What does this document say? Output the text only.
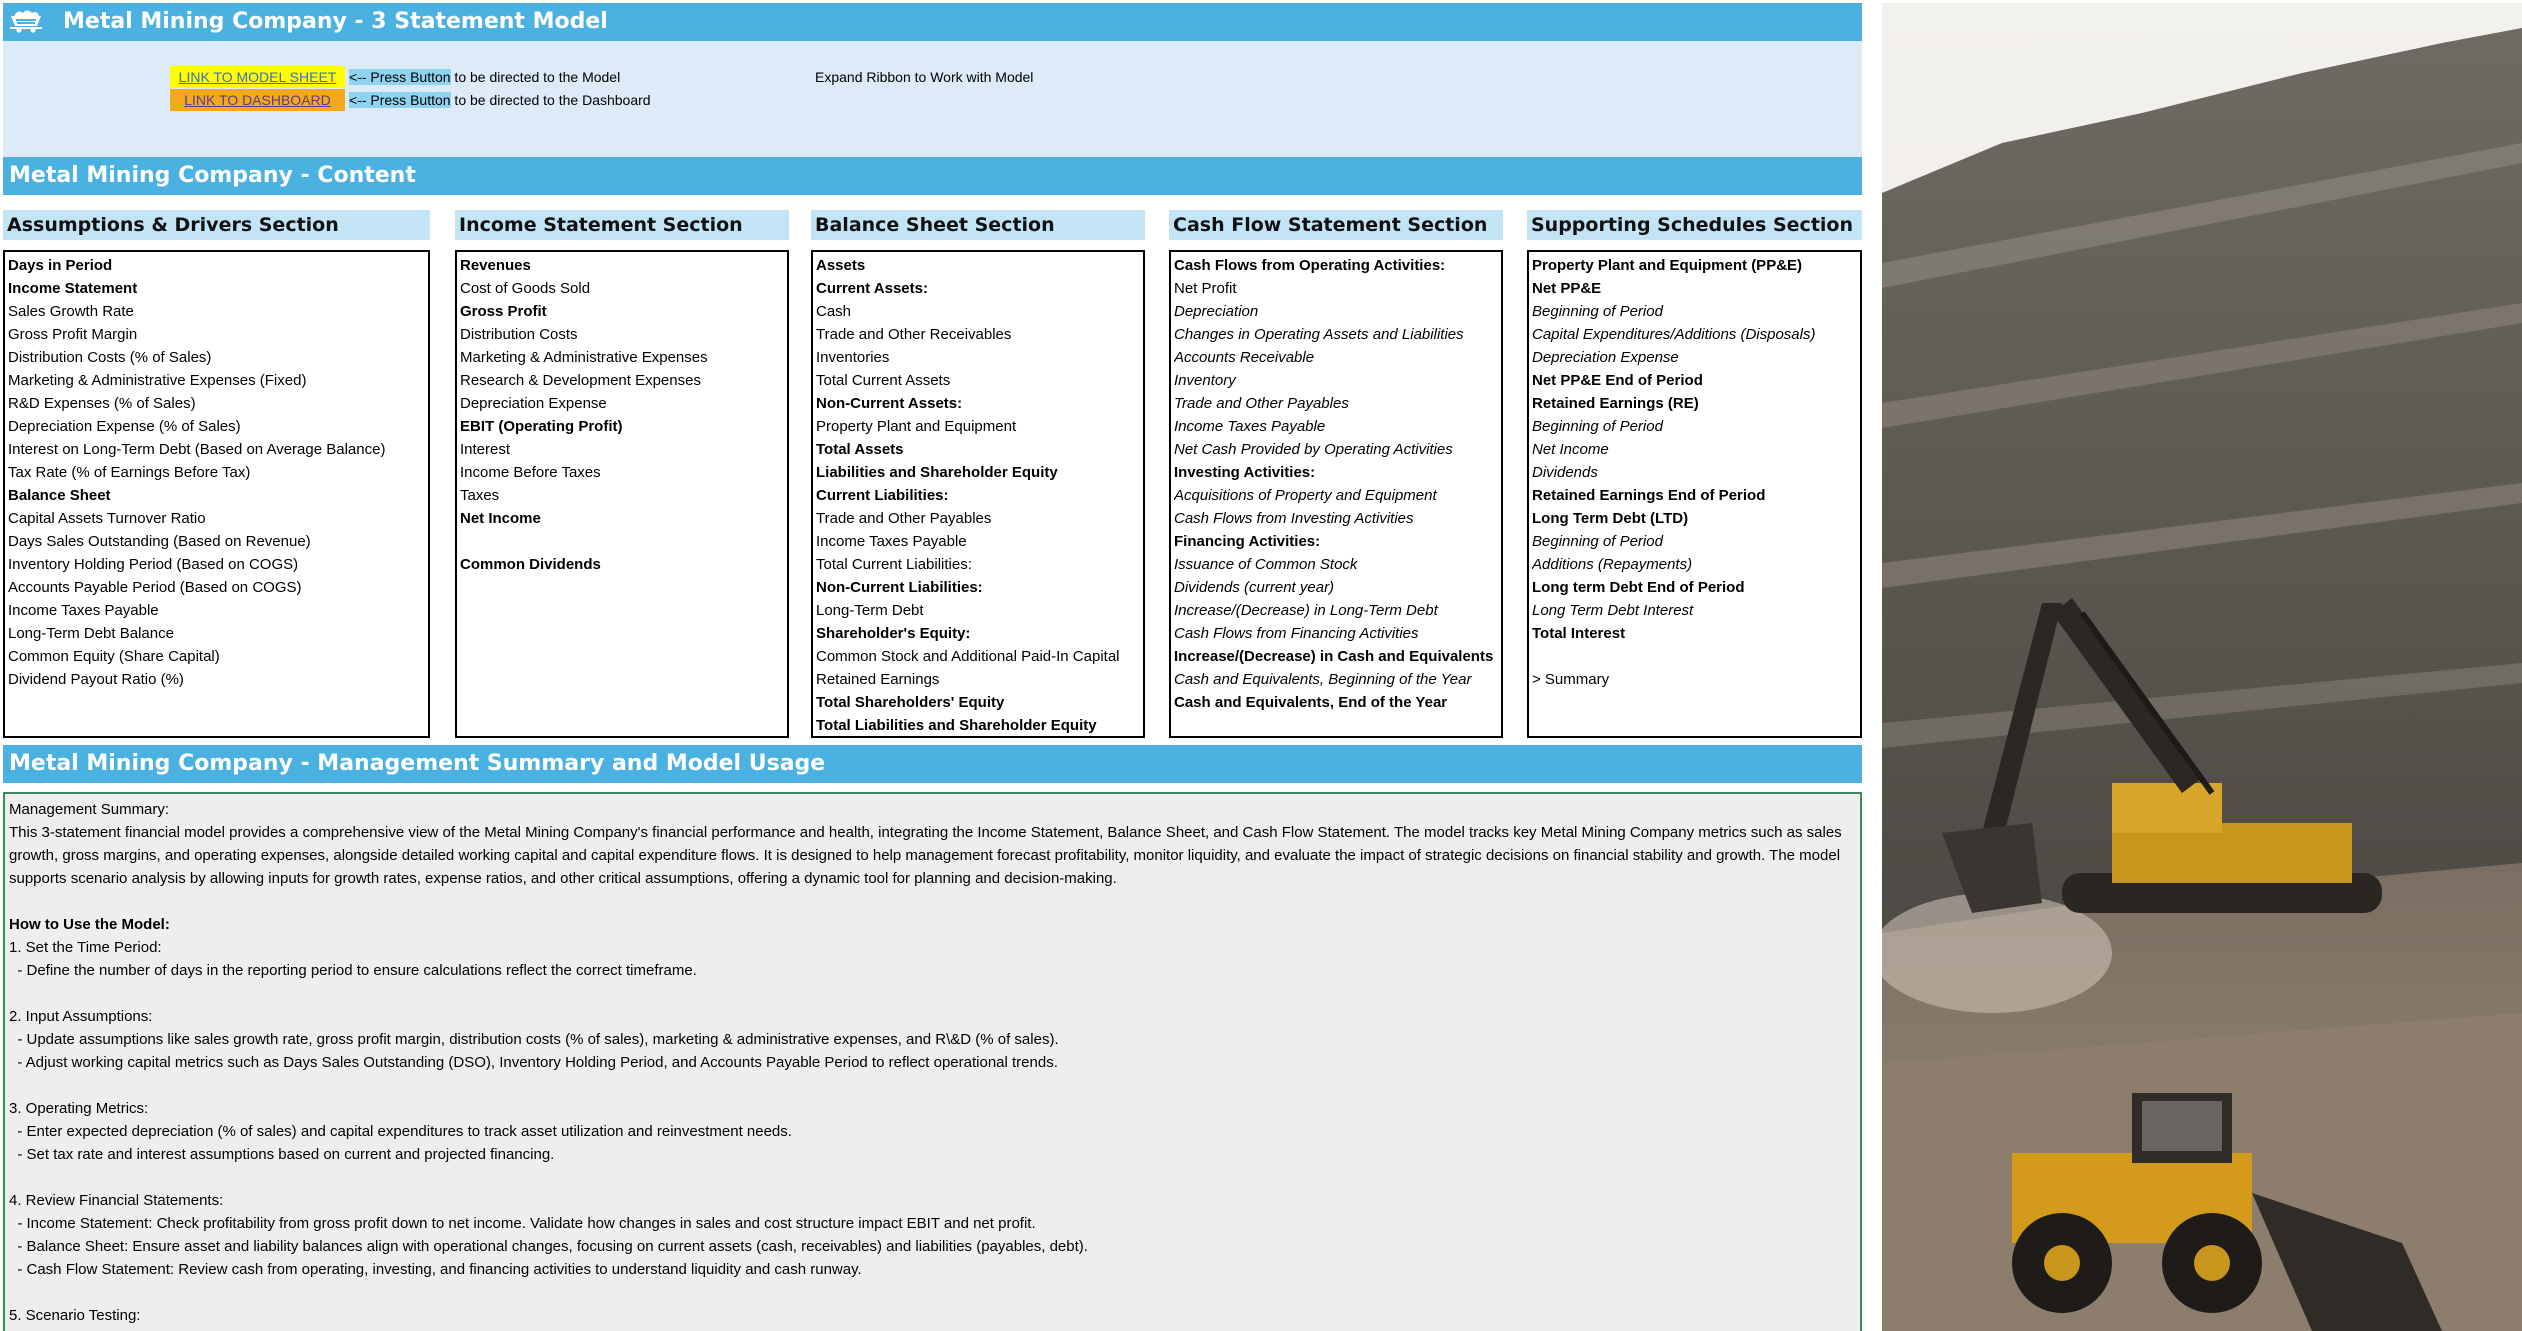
Metal Mining Company - 3 Statement Model
LINK TO MODEL SHEET <-- Press Button to be directed to the Model
LINK TO DASHBOARD	<-- Press Button to be directed to the Dashboard
Expand Ribbon to Work with Model
Metal Mining Company - Content
Assumptions & Drivers Section	Income Statement Section	Balance Sheet Section	Cash Flow Statement Section	Supporting Schedules Section
Days in Period
Income Statement
Sales Growth Rate
Gross Profit Margin
Distribution Costs (% of Sales)
Marketing & Administrative Expenses (Fixed)
R&D Expenses (% of Sales)
Depreciation Expense (% of Sales)
Interest on Long-Term Debt (Based on Average Balance)
Tax Rate (% of Earnings Before Tax)
Balance Sheet
Capital Assets Turnover Ratio
Days Sales Outstanding (Based on Revenue)
Inventory Holding Period (Based on COGS)
Accounts Payable Period (Based on COGS)
Income Taxes Payable
Long-Term Debt Balance
Common Equity (Share Capital)
Dividend Payout Ratio (%)
Revenues
Cost of Goods Sold
Gross Profit
Distribution Costs
Marketing & Administrative Expenses
Research & Development Expenses
Depreciation Expense
EBIT (Operating Profit)
Interest
Income Before Taxes
Taxes
Net Income

Common Dividends
Assets
Current Assets:
Cash
Trade and Other Receivables
Inventories
Total Current Assets
Non-Current Assets:
Property Plant and Equipment
Total Assets
Liabilities and Shareholder Equity
Current Liabilities:
Trade and Other Payables
Income Taxes Payable
Total Current Liabilities:
Non-Current Liabilities:
Long-Term Debt
Shareholder's Equity:
Common Stock and Additional Paid-In Capital
Retained Earnings
Total Shareholders' Equity
Total Liabilities and Shareholder Equity
Cash Flows from Operating Activities:
Net Profit
Depreciation
Changes in Operating Assets and Liabilities
Accounts Receivable
Inventory
Trade and Other Payables
Income Taxes Payable
Net Cash Provided by Operating Activities
Investing Activities:
Acquisitions of Property and Equipment
Cash Flows from Investing Activities
Financing Activities:
Issuance of Common Stock
Dividends (current year)
Increase/(Decrease) in Long-Term Debt
Cash Flows from Financing Activities
Increase/(Decrease) in Cash and Equivalents
Cash and Equivalents, Beginning of the Year
Cash and Equivalents, End of the Year
Property Plant and Equipment (PP&E)
Net PP&E
Beginning of Period
Capital Expenditures/Additions (Disposals)
Depreciation Expense
Net PP&E End of Period
Retained Earnings (RE)
Beginning of Period
Net Income
Dividends
Retained Earnings End of Period
Long Term Debt (LTD)
Beginning of Period
Additions (Repayments)
Long term Debt End of Period
Long Term Debt Interest
Total Interest

> Summary
Metal Mining Company - Management Summary and Model Usage

Management Summary:

This 3-statement financial model provides a comprehensive view of the Metal Mining Company's financial performance and health, integrating the Income Statement, Balance Sheet, and Cash Flow Statement. The model tracks key Metal Mining Company metrics such as sales growth, gross margins, and operating expenses, alongside detailed working capital and capital expenditure flows. It is designed to help management forecast profitability, monitor liquidity, and evaluate the impact of strategic decisions on financial stability and growth. The model supports scenario analysis by allowing inputs for growth rates, expense ratios, and other critical assumptions, offering a dynamic tool for planning and decision-making.

How to Use the Model:

1. Set the Time Period:

- Define the number of days in the reporting period to ensure calculations reflect the correct timeframe.

2. Input Assumptions:

- Update assumptions like sales growth rate, gross profit margin, distribution costs (% of sales), marketing & administrative expenses, and R\&D (% of sales).

- Adjust working capital metrics such as Days Sales Outstanding (DSO), Inventory Holding Period, and Accounts Payable Period to reflect operational trends.

3. Operating Metrics:

- Enter expected depreciation (% of sales) and capital expenditures to track asset utilization and reinvestment needs.

- Set tax rate and interest assumptions based on current and projected financing.

4. Review Financial Statements:

- Income Statement: Check profitability from gross profit down to net income. Validate how changes in sales and cost structure impact EBIT and net profit.

- Balance Sheet: Ensure asset and liability balances align with operational changes, focusing on current assets (cash, receivables) and liabilities (payables, debt).

- Cash Flow Statement: Review cash from operating, investing, and financing activities to understand liquidity and cash runway.

5. Scenario Testing:
